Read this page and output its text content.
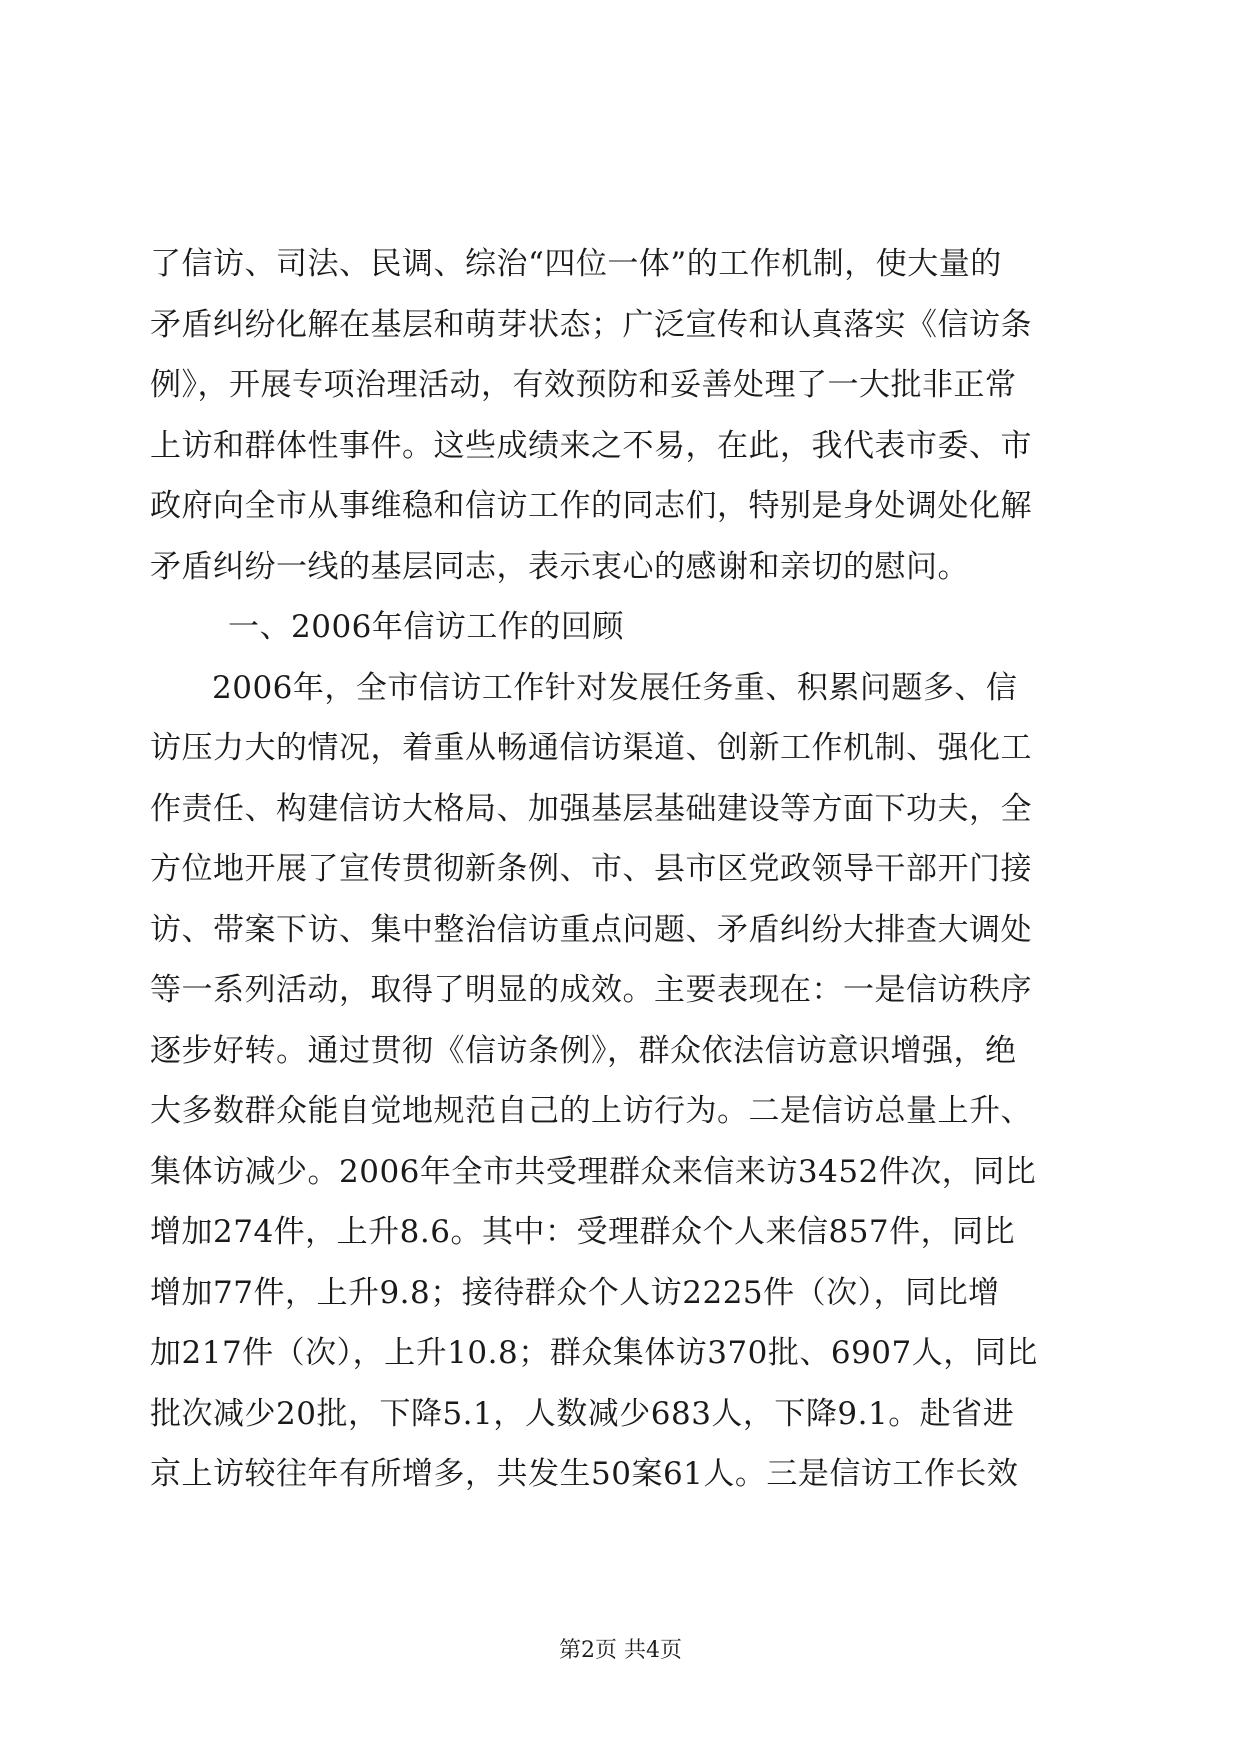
了信访、司法、民调、综治“四位一体”的工作机制，使大量的
矛盾纠纷化解在基层和萌芽状态；广泛宣传和认真落实《信访条
例》，开展专项治理活动，有效预防和妥善处理了一大批非正常
上访和群体性事件。这些成绩来之不易，在此，我代表市委、市
政府向全市从事维稳和信访工作的同志们，特别是身处调处化解
矛盾纠纷一线的基层同志，表示衷心的感谢和亲切的慰问。
一、2006年信访工作的回顾
2006年，全市信访工作针对发展任务重、积累问题多、信
访压力大的情况，着重从畅通信访渠道、创新工作机制、强化工
作责任、构建信访大格局、加强基层基础建设等方面下功夫，全
方位地开展了宣传贯彻新条例、市、县市区党政领导干部开门接
访、带案下访、集中整治信访重点问题、矛盾纠纷大排查大调处
等一系列活动，取得了明显的成效。主要表现在：一是信访秩序
逐步好转。通过贯彻《信访条例》，群众依法信访意识增强，绝
大多数群众能自觉地规范自己的上访行为。二是信访总量上升、
集体访减少。2006年全市共受理群众来信来访3452件次，同比
增加274件，上升8.6。其中：受理群众个人来信857件，同比
增加77件，上升9.8；接待群众个人访2225件（次），同比增
加217件（次），上升10.8；群众集体访370批、6907人，同比
批次减少20批，下降5.1，人数减少683人，下降9.1。赴省进
京上访较往年有所增多，共发生50案61人。三是信访工作长效
第2页 共4页
